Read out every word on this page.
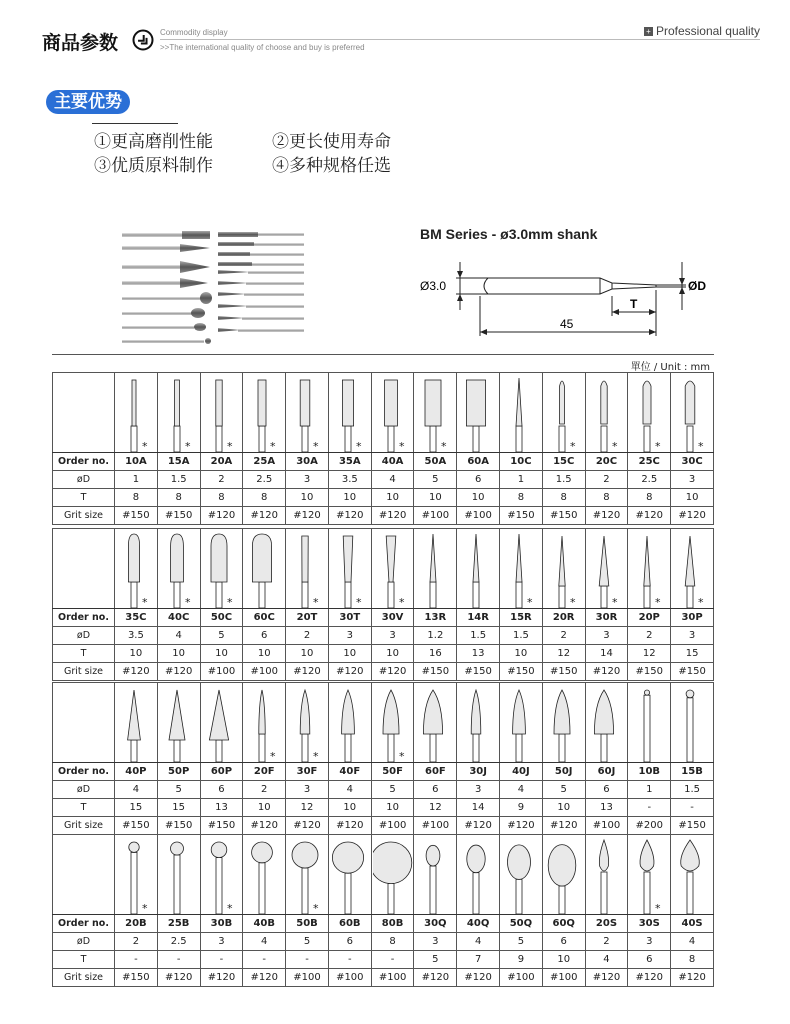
商品参数	Commodity display
>>The international quality of choose and buy is preferred
+ Professional quality
主要优势
①更高磨削性能	②更长使用寿命
③优质原料制作	④多种规格任选
BM Series - ø3.0mm shank
Ø3.0	ØD
T
45
單位 / Unit : mm

*	*	*	*	*	*	*	*			*	*	*	*

Order no.	10A	15A	20A	25A	30A	35A	40A	50A	60A	10C	15C	20C	25C	30C
øD	1	1.5	2	2.5	3	3.5	4	5	6	1	1.5	2	2.5	3
T	8	8	8	8	10	10	10	10	10	8	8	8	8	10
Grit size	#150	#150	#120	#120	#120	#120	#120	#100	#100	#150	#150	#120	#120	#120

*	*	*		*	*	*			*	*	*	*	*

Order no.	35C	40C	50C	60C	20T	30T	30V	13R	14R	15R	20R	30R	20P	30P
øD	3.5	4	5	6	2	3	3	1.2	1.5	1.5	2	3	2	3
T	10	10	10	10	10	10	10	16	13	10	12	14	12	15
Grit size	#120	#120	#100	#100	#120	#120	#120	#150	#150	#150	#150	#120	#150	#150

*	*		*

Order no.	40P	50P	60P	20F	30F	40F	50F	60F	30J	40J	50J	60J	10B	15B
øD	4	5	6	2	3	4	5	6	3	4	5	6	1	1.5
T	15	15	13	10	12	10	10	12	14	9	10	13	-	-
Grit size	#150	#150	#150	#120	#120	#120	#100	#100	#120	#120	#120	#100	#200	#150

*		*		*								*

Order no.	20B	25B	30B	40B	50B	60B	80B	30Q	40Q	50Q	60Q	20S	30S	40S
øD	2	2.5	3	4	5	6	8	3	4	5	6	2	3	4
T	-	-	-	-	-	-	-	5	7	9	10	4	6	8
Grit size	#150	#120	#120	#120	#100	#100	#100	#120	#120	#100	#100	#120	#120	#120
